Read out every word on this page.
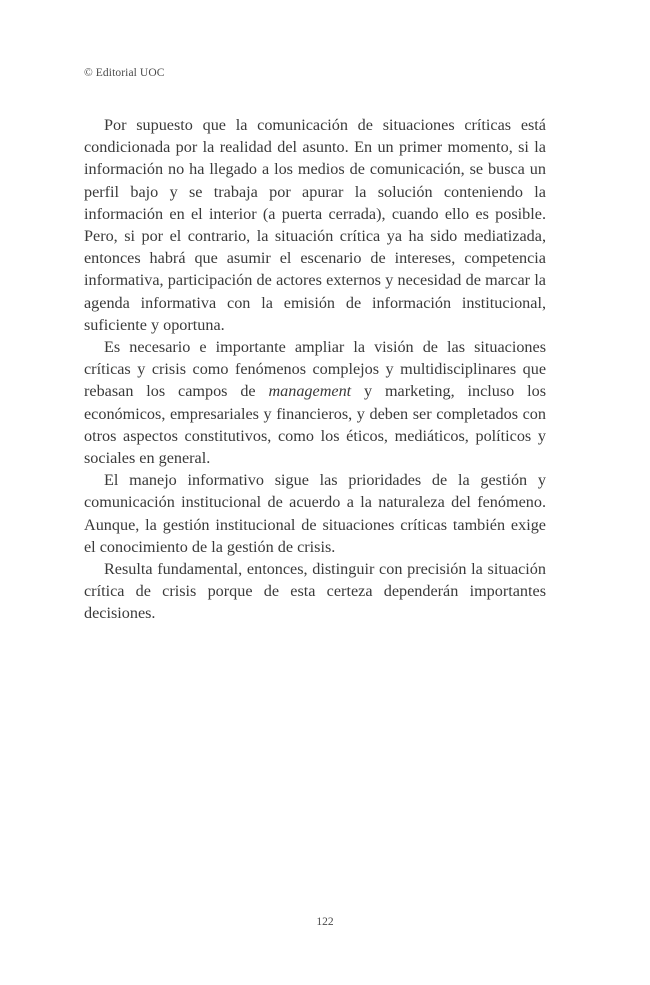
© Editorial UOC

Por supuesto que la comunicación de situaciones críticas está condicionada por la realidad del asunto. En un primer momento, si la información no ha llegado a los medios de comunicación, se busca un perfil bajo y se trabaja por apurar la solución conteniendo la información en el interior (a puerta cerrada), cuando ello es posible. Pero, si por el contrario, la situación crítica ya ha sido mediatizada, entonces habrá que asumir el escenario de intereses, competencia informativa, participación de actores externos y necesidad de marcar la agenda informativa con la emisión de información institucional, suficiente y oportuna.

Es necesario e importante ampliar la visión de las situaciones críticas y crisis como fenómenos complejos y multidisciplinares que rebasan los campos de management y marketing, incluso los económicos, empresariales y financieros, y deben ser completados con otros aspectos constitutivos, como los éticos, mediáticos, políticos y sociales en general.

El manejo informativo sigue las prioridades de la gestión y comunicación institucional de acuerdo a la naturaleza del fenómeno. Aunque, la gestión institucional de situaciones críticas también exige el conocimiento de la gestión de crisis.

Resulta fundamental, entonces, distinguir con precisión la situación crítica de crisis porque de esta certeza dependerán importantes decisiones.

122
